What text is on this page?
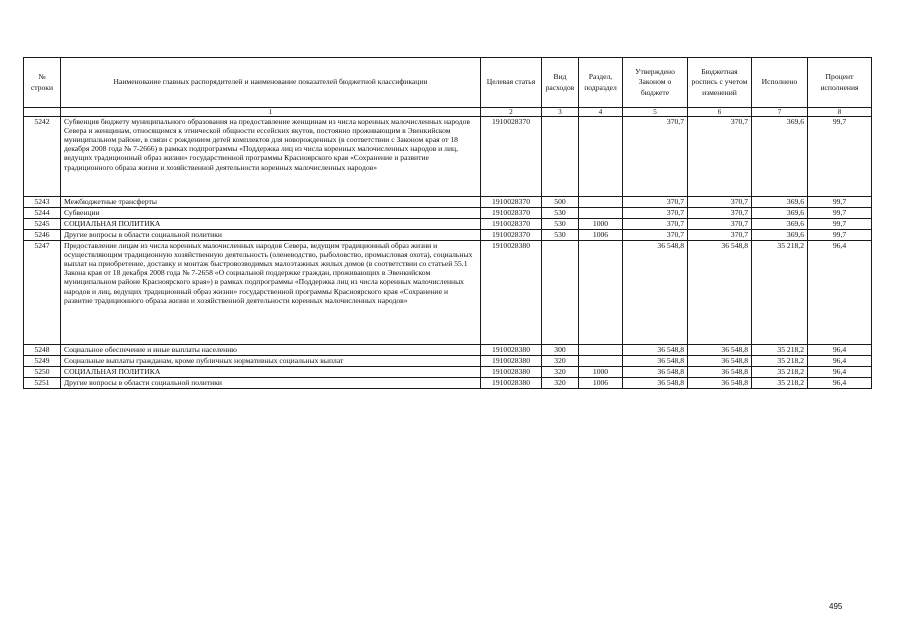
№ строки	Наименование главных распорядителей и наименование показателей бюджетной классификации	Целевая статья	Вид расходов	Раздел, подраздел	Утверждено Законом о бюджете	Бюджетная роспись с учетом изменений	Исполнено	Процент исполнения
	1	2	3	4	5	6	7	8
5242	Субвенция бюджету муниципального образования на предоставление женщинам из числа коренных малочисленных народов Севера и женщинам, относящимся к этнической общности ессейских якутов, постоянно проживающим в Эвенкийском муниципальном районе, в связи с рождением детей комплектов для новорожденных (в соответствии с Законом края от 18 декабря 2008 года № 7-2666) в рамках подпрограммы «Поддержка лиц из числа коренных малочисленных народов и лиц, ведущих традиционный образ жизни» государственной программы Красноярского края «Сохранение и развитие традиционного образа жизни и хозяйственной деятельности коренных малочисленных народов»	1910028370			370,7	370,7	369,6	99,7
5243	Межбюджетные трансферты	1910028370	500		370,7	370,7	369,6	99,7
5244	Субвенции	1910028370	530		370,7	370,7	369,6	99,7
5245	СОЦИАЛЬНАЯ ПОЛИТИКА	1910028370	530	1000	370,7	370,7	369,6	99,7
5246	Другие вопросы в области социальной политики	1910028370	530	1006	370,7	370,7	369,6	99,7
5247	Предоставление лицам из числа коренных малочисленных народов Севера, ведущим традиционный образ жизни и осуществляющим традиционную хозяйственную деятельность (оленеводство, рыболовство, промысловая охота), социальных выплат на приобретение, доставку и монтаж быстровозводимых малоэтажных жилых домов (в соответствии со статьей 55.1 Закона края от 18 декабря 2008 года № 7-2658 «О социальной поддержке граждан, проживающих в Эвенкийском муниципальном районе Красноярского края») в рамках подпрограммы «Поддержка лиц из числа коренных малочисленных народов и лиц, ведущих традиционный образ жизни» государственной программы Красноярского края «Сохранение и развитие традиционного образа жизни и хозяйственной деятельности коренных малочисленных народов»	1910028380			36 548,8	36 548,8	35 218,2	96,4
5248	Социальное обеспечение и иные выплаты населению	1910028380	300		36 548,8	36 548,8	35 218,2	96,4
5249	Социальные выплаты гражданам, кроме публичных нормативных социальных выплат	1910028380	320		36 548,8	36 548,8	35 218,2	96,4
5250	СОЦИАЛЬНАЯ ПОЛИТИКА	1910028380	320	1000	36 548,8	36 548,8	35 218,2	96,4
5251	Другие вопросы в области социальной политики	1910028380	320	1006	36 548,8	36 548,8	35 218,2	96,4
495
